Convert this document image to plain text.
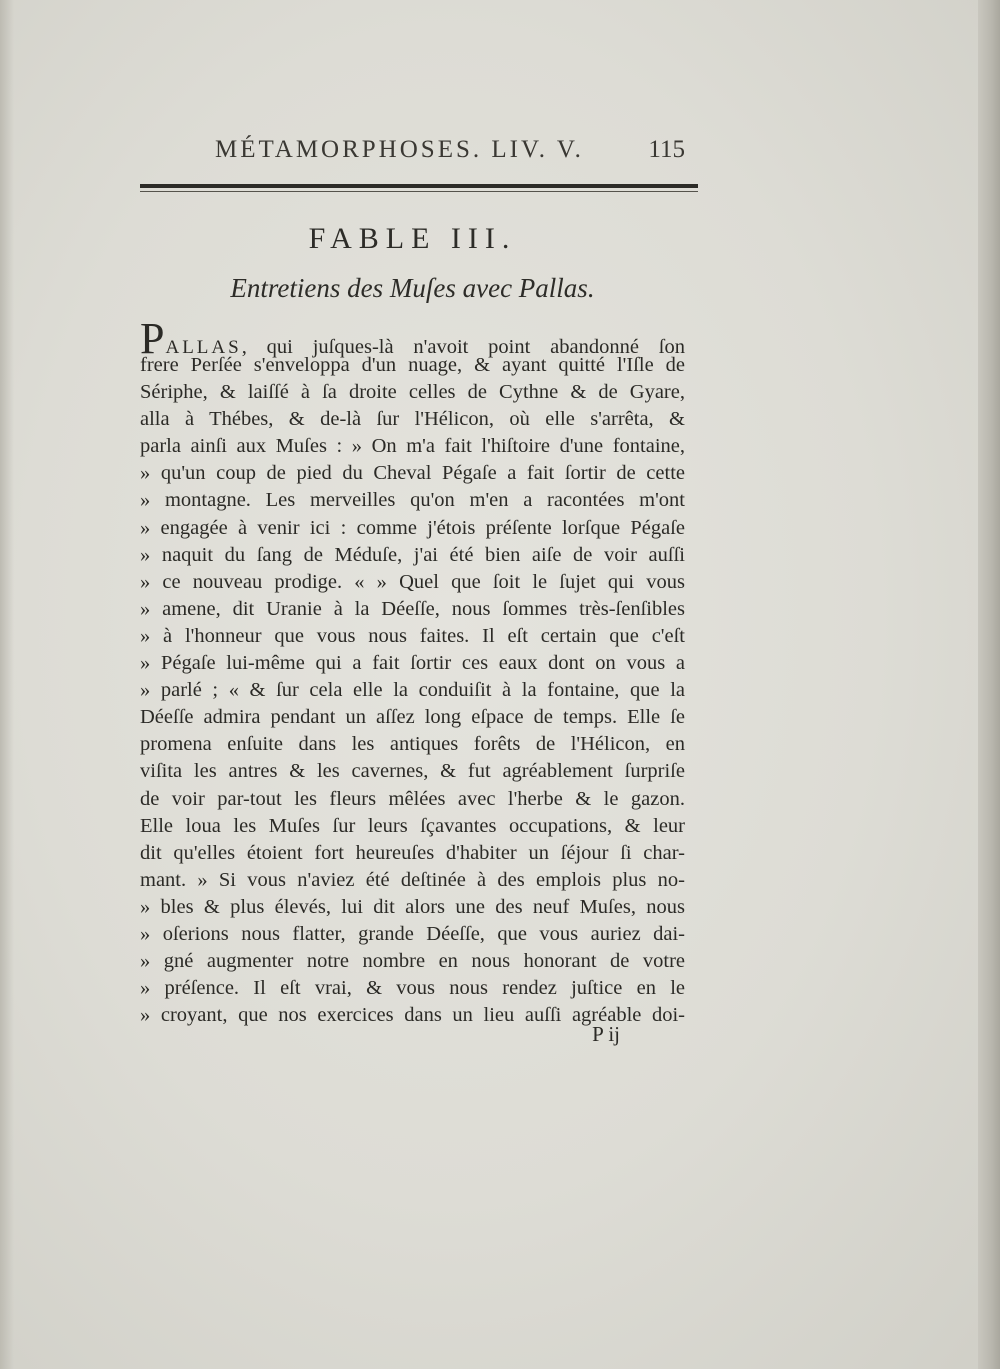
MÉTAMORPHOSES. LIV. V.	115
FABLE III.
Entretiens des Muſes avec Pallas.
PALLAS, qui juſques-là n'avoit point abandonné ſon
frere Perſée s'enveloppa d'un nuage, & ayant quitté l'Iſle de
Sériphe, & laiſſé à ſa droite celles de Cythne & de Gyare,
alla à Thébes, & de-là ſur l'Hélicon, où elle s'arrêta, &
parla ainſi aux Muſes : » On m'a fait l'hiſtoire d'une fontaine,
» qu'un coup de pied du Cheval Pégaſe a fait ſortir de cette
» montagne. Les merveilles qu'on m'en a racontées m'ont
» engagée à venir ici : comme j'étois préſente lorſque Pégaſe
» naquit du ſang de Méduſe, j'ai été bien aiſe de voir auſſi
» ce nouveau prodige. « » Quel que ſoit le ſujet qui vous
» amene, dit Uranie à la Déeſſe, nous ſommes très-ſenſibles
» à l'honneur que vous nous faites. Il eſt certain que c'eſt
» Pégaſe lui-même qui a fait ſortir ces eaux dont on vous a
» parlé ; « & ſur cela elle la conduiſit à la fontaine, que la
Déeſſe admira pendant un aſſez long eſpace de temps. Elle ſe
promena enſuite dans les antiques forêts de l'Hélicon, en
viſita les antres & les cavernes, & fut agréablement ſurpriſe
de voir par-tout les fleurs mêlées avec l'herbe & le gazon.
Elle loua les Muſes ſur leurs ſçavantes occupations, & leur
dit qu'elles étoient fort heureuſes d'habiter un ſéjour ſi char-
mant. » Si vous n'aviez été deſtinée à des emplois plus no-
» bles & plus élevés, lui dit alors une des neuf Muſes, nous
» oſerions nous flatter, grande Déeſſe, que vous auriez dai-
» gné augmenter notre nombre en nous honorant de votre
» préſence. Il eſt vrai, & vous nous rendez juſtice en le
» croyant, que nos exercices dans un lieu auſſi agréable doi-
P ij
